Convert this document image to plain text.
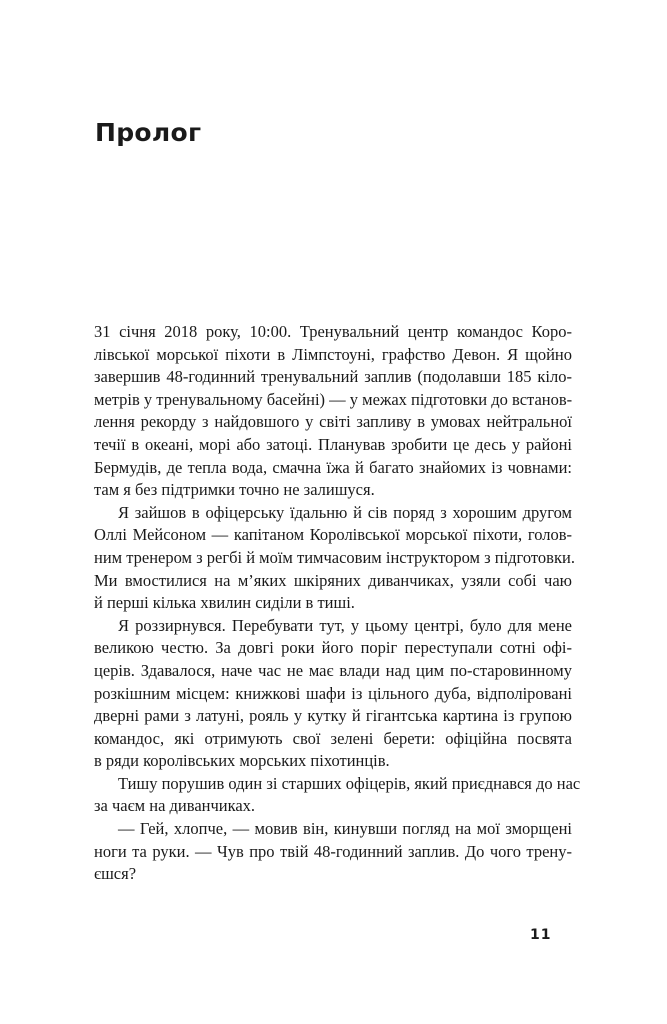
Пролог
31 січня 2018 року, 10:00. Тренувальний центр командос Коро-
лівської морської піхоти в Лімпстоуні, графство Девон. Я щойно
завершив 48-годинний тренувальний заплив (подолавши 185 кіло-
метрів у тренувальному басейні) — у межах підготовки до встанов-
лення рекорду з найдовшого у світі запливу в умовах нейтральної
течії в океані, морі або затоці. Планував зробити це десь у районі
Бермудів, де тепла вода, смачна їжа й багато знайомих із човнами:
там я без підтримки точно не залишуся.
Я зайшов в офіцерську їдальню й сів поряд з хорошим другом
Оллі Мейсоном — капітаном Королівської морської піхоти, голов-
ним тренером з регбі й моїм тимчасовим інструктором з підготовки.
Ми вмостилися на м’яких шкіряних диванчиках, узяли собі чаю
й перші кілька хвилин сиділи в тиші.
Я роззирнувся. Перебувати тут, у цьому центрі, було для мене
великою честю. За довгі роки його поріг переступали сотні офі-
церів. Здавалося, наче час не має влади над цим по-старовинному
розкішним місцем: книжкові шафи із цільного дуба, відполіровані
дверні рами з латуні, рояль у кутку й гігантська картина із групою
командос, які отримують свої зелені берети: офіційна посвята
в ряди королівських морських піхотинців.
Тишу порушив один зі старших офіцерів, який приєднався до нас
за чаєм на диванчиках.
— Гей, хлопче, — мовив він, кинувши погляд на мої зморщені
ноги та руки. — Чув про твій 48-годинний заплив. До чого трену-
єшся?
11
